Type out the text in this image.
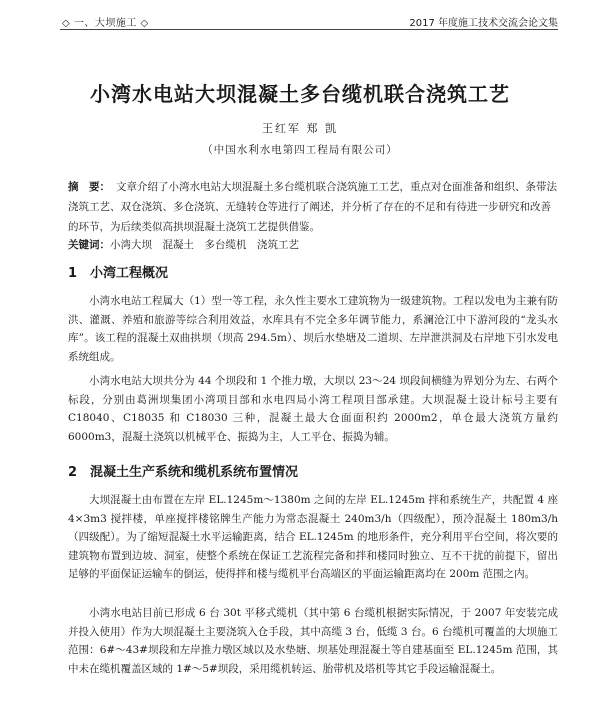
◇ 一、大坝施工 ◇	2017 年度施工技术交流会论文集
小湾水电站大坝混凝土多台缆机联合浇筑工艺
王红军 郑 凯
（中国水利水电第四工程局有限公司）
摘　要： 文章介绍了小湾水电站大坝混凝土多台缆机联合浇筑施工工艺，重点对仓面准备和组织、条带法浇筑工艺、双仓浇筑、多仓浇筑、无缝转仓等进行了阐述，并分析了存在的不足和有待进一步研究和改善的环节，为后续类似高拱坝混凝土浇筑工艺提供借鉴。
关键词：小湾大坝　混凝土　多台缆机　浇筑工艺
1 小湾工程概况
小湾水电站工程属大（1）型一等工程，永久性主要水工建筑物为一级建筑物。工程以发电为主兼有防洪、灌溉、养殖和旅游等综合利用效益，水库具有不完全多年调节能力，系澜沧江中下游河段的“龙头水库”。该工程的混凝土双曲拱坝（坝高 294.5m）、坝后水垫塘及二道坝、左岸泄洪洞及右岸地下引水发电系统组成。
小湾水电站大坝共分为 44 个坝段和 1 个推力墩，大坝以 23～24 坝段间横缝为界划分为左、右两个标段，分别由葛洲坝集团小湾项目部和水电四局小湾工程项目部承建。大坝混凝土设计标号主要有 C18040、C18035 和 C18030 三种，混凝土最大仓面面积约 2000m2，单仓最大浇筑方量约 6000m3，混凝土浇筑以机械平仓、振捣为主，人工平仓、振捣为辅。
2 混凝土生产系统和缆机系统布置情况
大坝混凝土由布置在左岸 EL.1245m～1380m 之间的左岸 EL.1245m 拌和系统生产，共配置 4 座 4×3m3 搅拌楼，单座搅拌楼铭牌生产能力为常态混凝土 240m3/h（四级配），预冷混凝土 180m3/h（四级配）。为了缩短混凝土水平运输距离，结合 EL.1245m 的地形条件，充分利用平台空间，将次要的建筑物布置到边坡、洞室，使整个系统在保证工艺流程完备和拌和楼同时独立、互不干扰的前提下，留出足够的平面保证运输车的倒运，使得拌和楼与缆机平台高端区的平面运输距离均在 200m 范围之内。
小湾水电站目前已形成 6 台 30t 平移式缆机（其中第 6 台缆机根据实际情况，于 2007 年安装完成并投入使用）作为大坝混凝土主要浇筑入仓手段，其中高缆 3 台，低缆 3 台。6 台缆机可覆盖的大坝施工范围：6#～43#坝段和左岸推力墩区域以及水垫塘、坝基处理混凝土等自建基面至 EL.1245m 范围，其中未在缆机覆盖区域的 1#～5#坝段，采用缆机转运、胎带机及塔机等其它手段运输混凝土。
